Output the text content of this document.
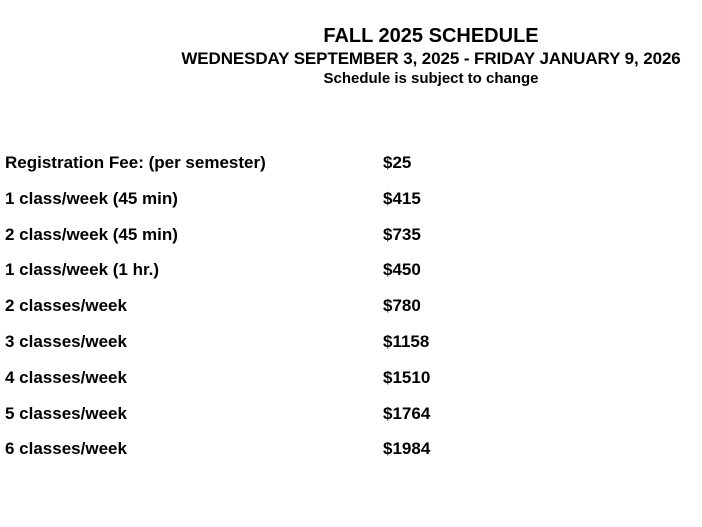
FALL 2025 SCHEDULE
WEDNESDAY SEPTEMBER 3, 2025 - FRIDAY JANUARY 9, 2026
Schedule is subject to change
Registration Fee: (per semester)	$25
1 class/week (45 min)	$415
2 class/week (45 min)	$735
1 class/week (1 hr.)	$450
2 classes/week	$780
3 classes/week	$1158
4 classes/week	$1510
5 classes/week	$1764
6 classes/week	$1984
